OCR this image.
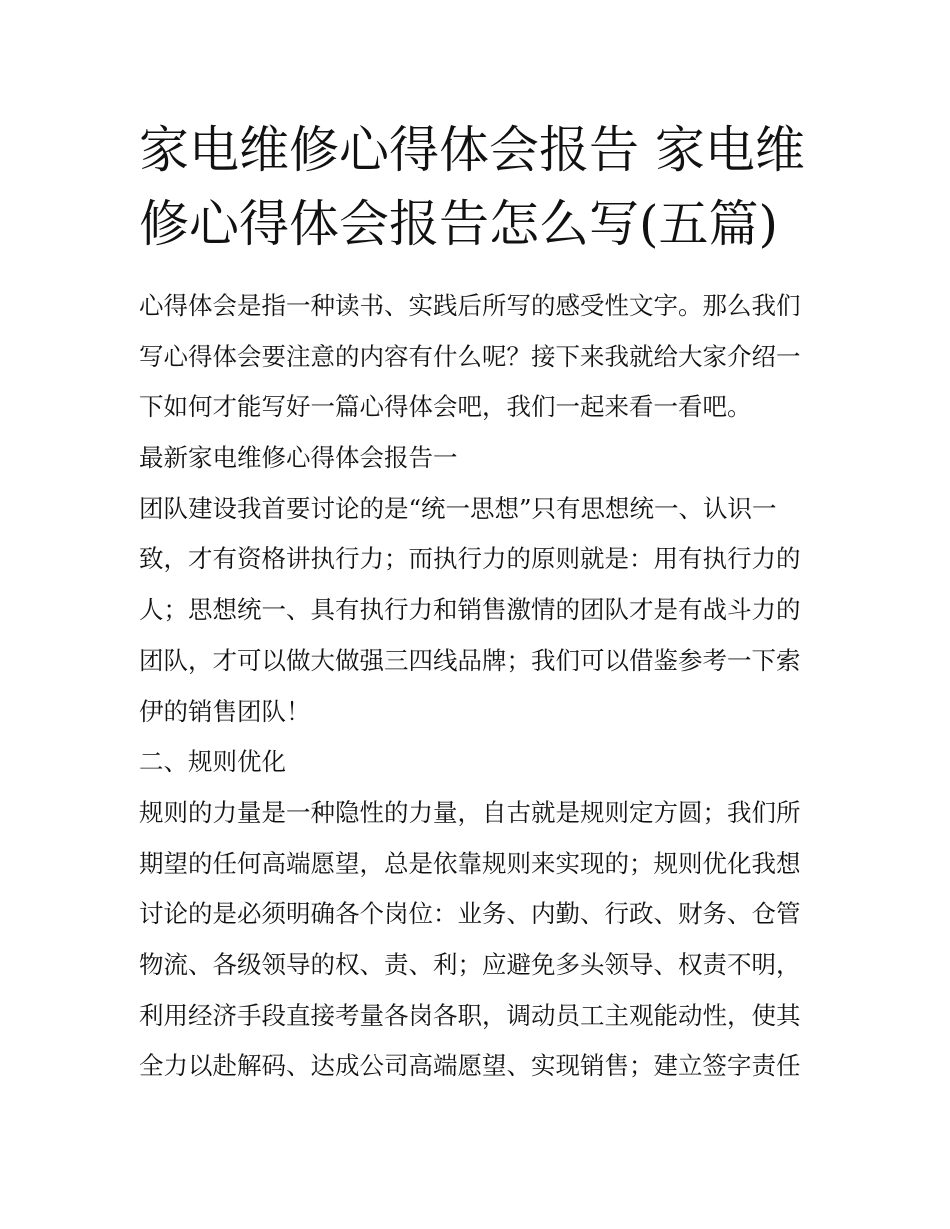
家电维修心得体会报告 家电维
修心得体会报告怎么写(五篇)
心得体会是指一种读书、实践后所写的感受性文字。那么我们
写心得体会要注意的内容有什么呢？接下来我就给大家介绍一
下如何才能写好一篇心得体会吧，我们一起来看一看吧。
最新家电维修心得体会报告一
团队建设我首要讨论的是“统一思想”只有思想统一、认识一
致，才有资格讲执行力；而执行力的原则就是：用有执行力的
人；思想统一、具有执行力和销售激情的团队才是有战斗力的
团队，才可以做大做强三四线品牌；我们可以借鉴参考一下索
伊的销售团队！
二、规则优化
规则的力量是一种隐性的力量，自古就是规则定方圆；我们所
期望的任何高端愿望，总是依靠规则来实现的；规则优化我想
讨论的是必须明确各个岗位：业务、内勤、行政、财务、仓管
物流、各级领导的权、责、利；应避免多头领导、权责不明，
利用经济手段直接考量各岗各职，调动员工主观能动性，使其
全力以赴解码、达成公司高端愿望、实现销售；建立签字责任
